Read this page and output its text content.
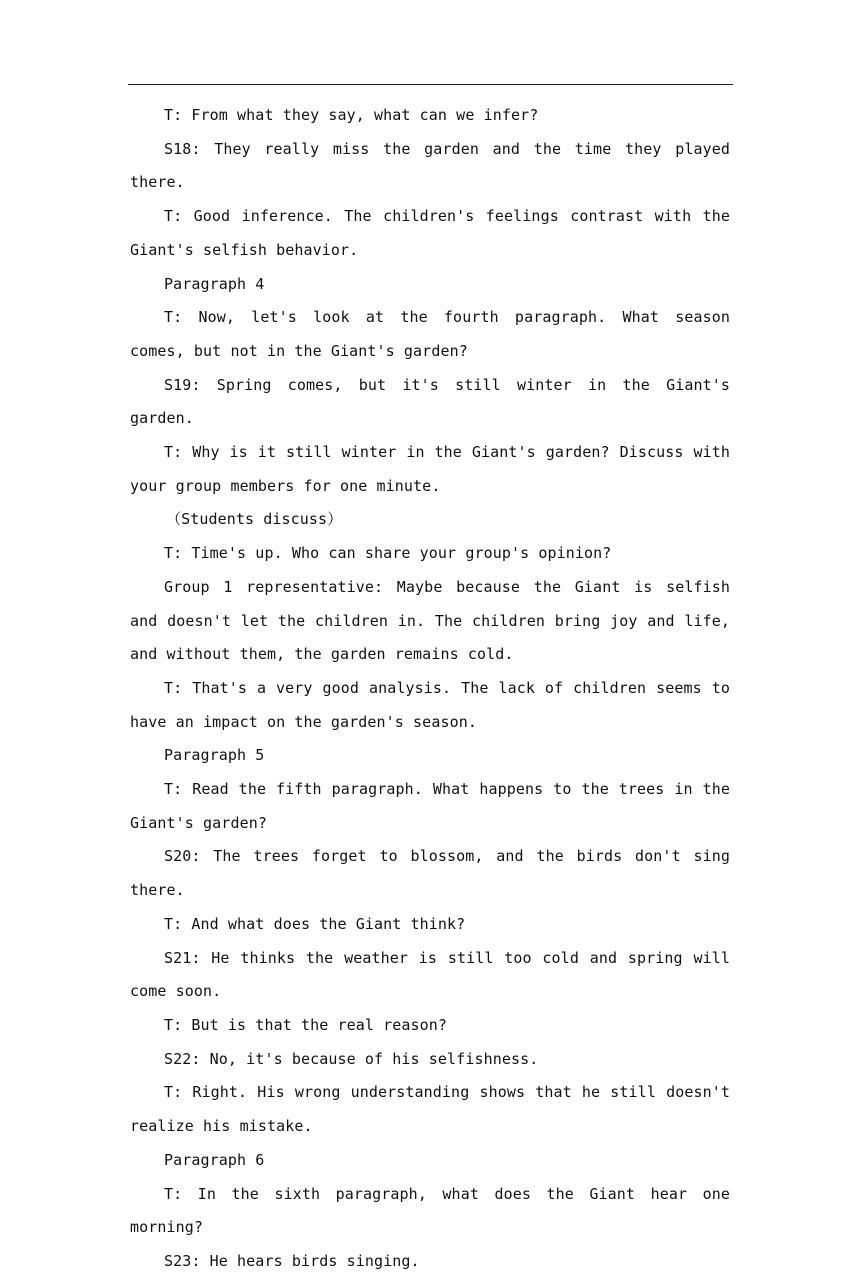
T: From what they say, what can we infer?

S18: They really miss the garden and the time they played there.

T: Good inference. The children's feelings contrast with the Giant's selfish behavior.

Paragraph 4

T: Now, let's look at the fourth paragraph. What season comes, but not in the Giant's garden?

S19: Spring comes, but it's still winter in the Giant's garden.

T: Why is it still winter in the Giant's garden? Discuss with your group members for one minute.

（Students discuss）

T: Time's up. Who can share your group's opinion?

Group 1 representative: Maybe because the Giant is selfish and doesn't let the children in. The children bring joy and life, and without them, the garden remains cold.

T: That's a very good analysis. The lack of children seems to have an impact on the garden's season.

Paragraph 5

T: Read the fifth paragraph. What happens to the trees in the Giant's garden?

S20: The trees forget to blossom, and the birds don't sing there.

T: And what does the Giant think?

S21: He thinks the weather is still too cold and spring will come soon.

T: But is that the real reason?

S22: No, it's because of his selfishness.

T: Right. His wrong understanding shows that he still doesn't realize his mistake.

Paragraph 6

T: In the sixth paragraph, what does the Giant hear one morning?

S23: He hears birds singing.
